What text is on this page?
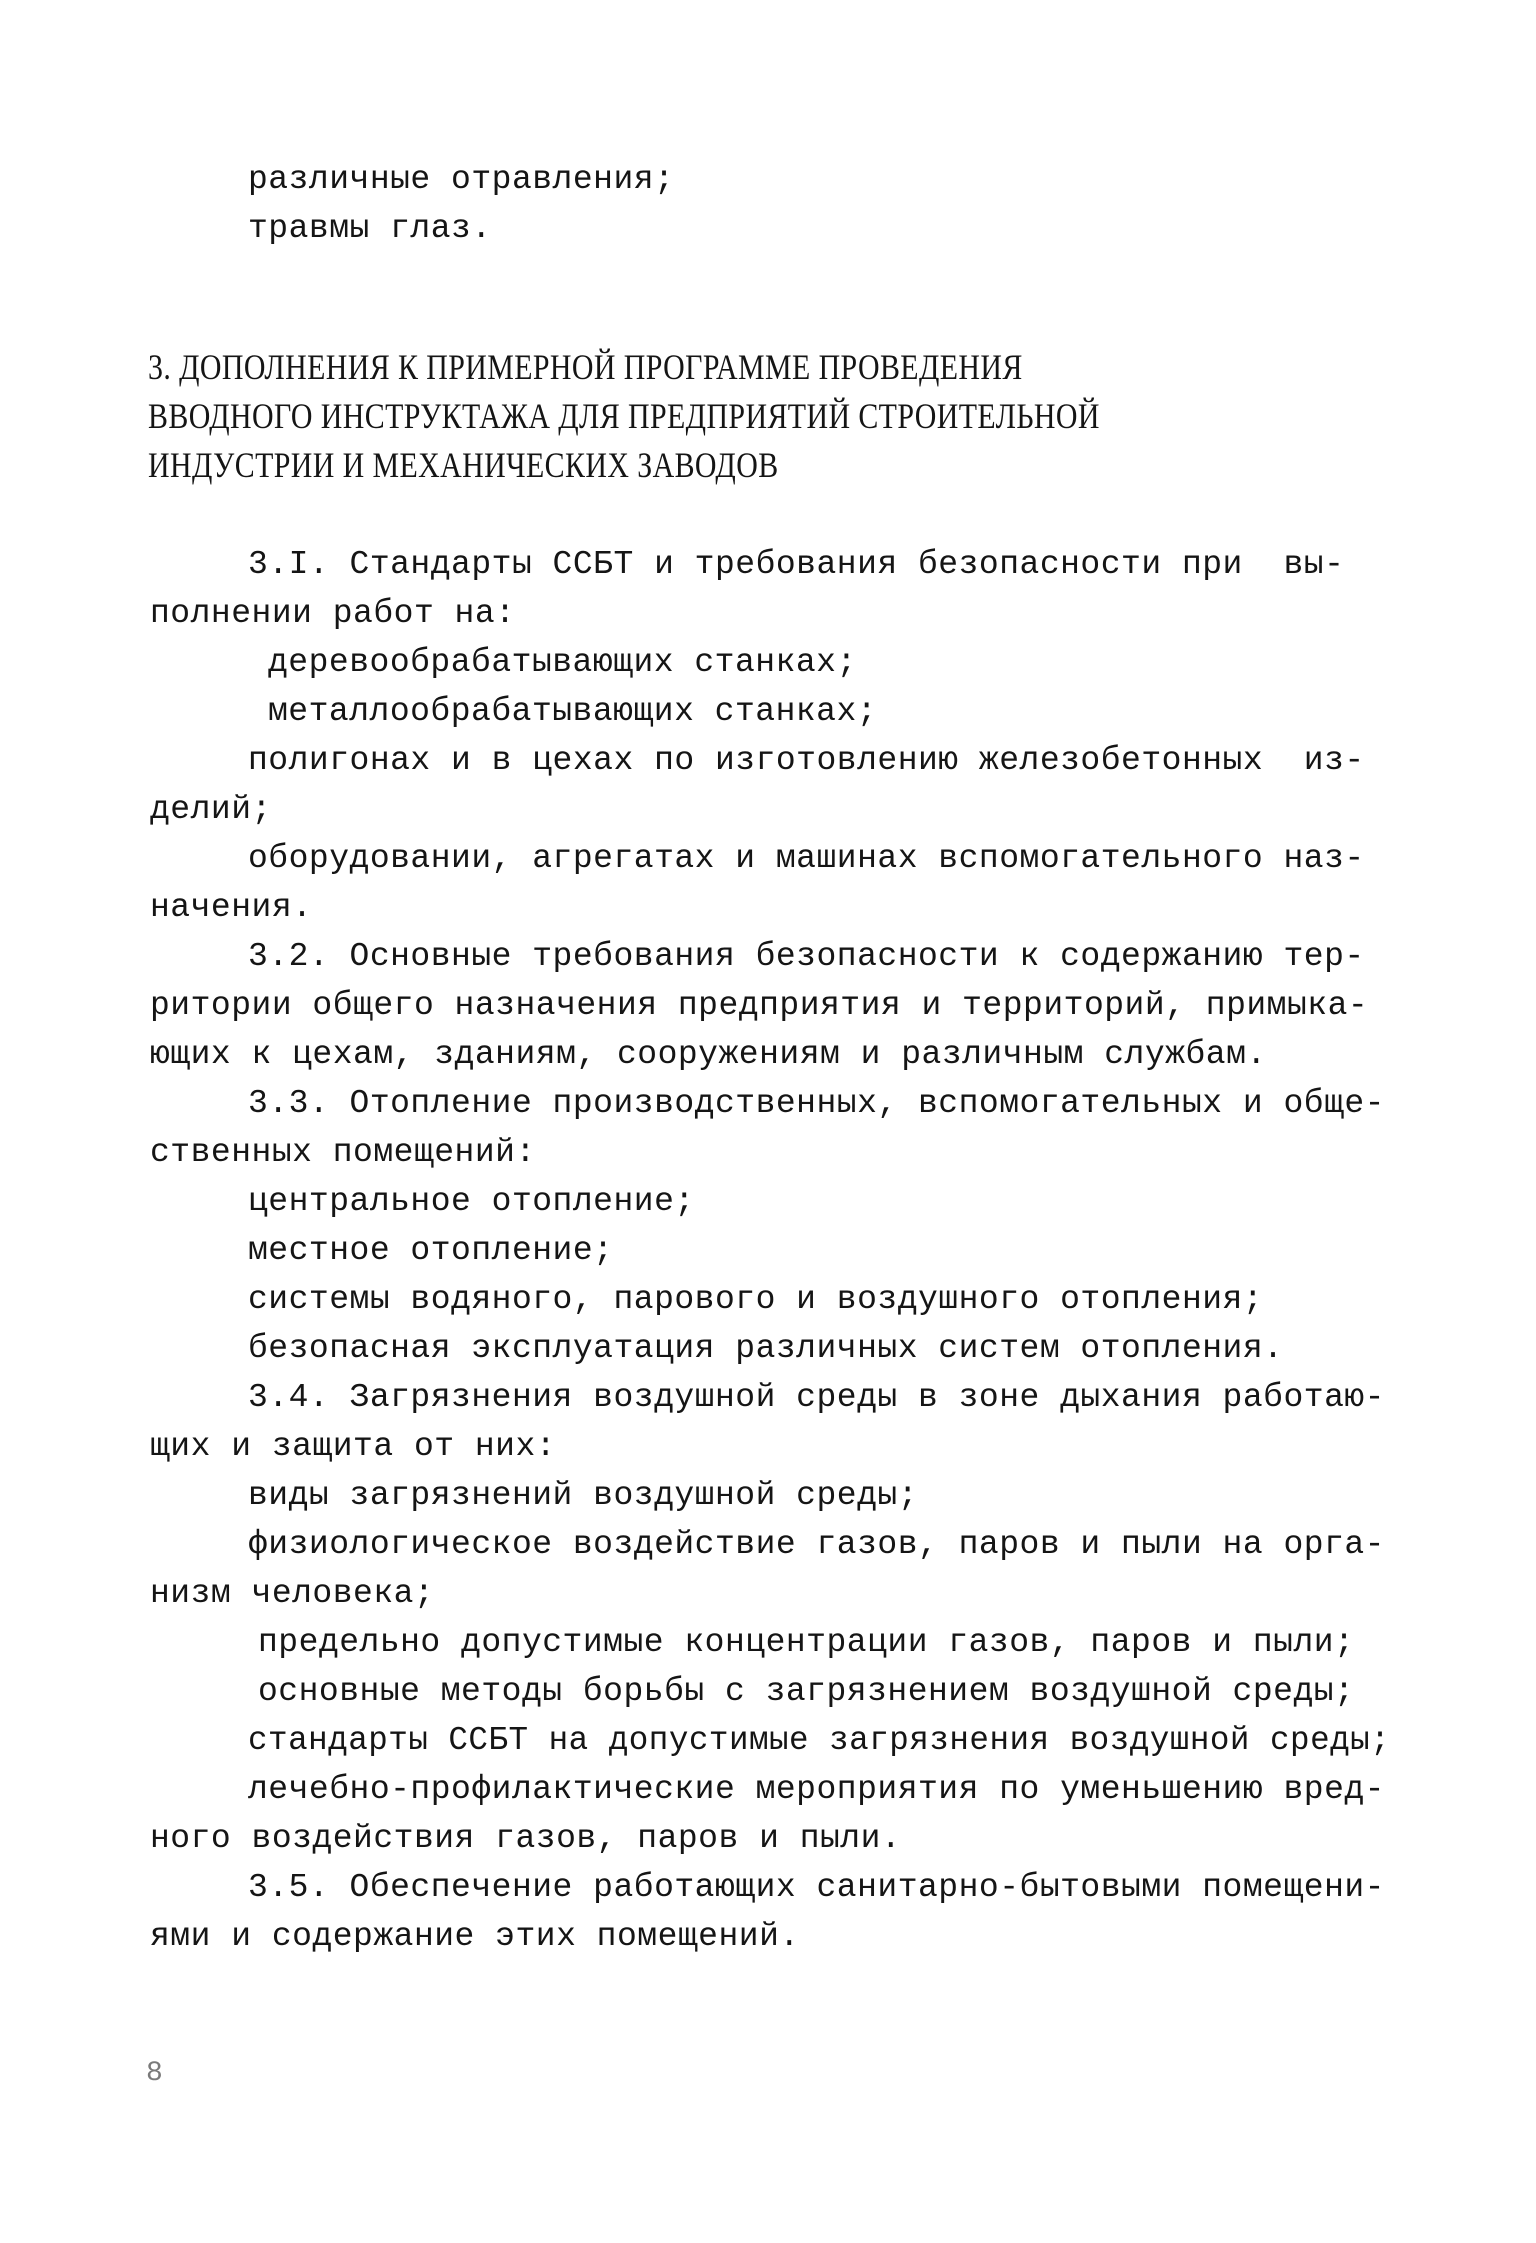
различные отравления;
травмы глаз.
3. ДОПОЛНЕНИЯ К ПРИМЕРНОЙ ПРОГРАММЕ ПРОВЕДЕНИЯ
ВВОДНОГО ИНСТРУКТАЖА ДЛЯ ПРЕДПРИЯТИЙ СТРОИТЕЛЬНОЙ
ИНДУСТРИИ И МЕХАНИЧЕСКИХ ЗАВОДОВ
3.I. Стандарты ССБТ и требования безопасности при  вы-
полнении работ на:
деревообрабатывающих станках;
металлообрабатывающих станках;
полигонах и в цехах по изготовлению железобетонных  из-
делий;
оборудовании, агрегатах и машинах вспомогательного наз-
начения.
3.2. Основные требования безопасности к содержанию тер-
ритории общего назначения предприятия и территорий, примыка-
ющих к цехам, зданиям, сооружениям и различным службам.
3.3. Отопление производственных, вспомогательных и обще-
ственных помещений:
центральное отопление;
местное отопление;
системы водяного, парового и воздушного отопления;
безопасная эксплуатация различных систем отопления.
3.4. Загрязнения воздушной среды в зоне дыхания работаю-
щих и защита от них:
виды загрязнений воздушной среды;
физиологическое воздействие газов, паров и пыли на орга-
низм человека;
предельно допустимые концентрации газов, паров и пыли;
основные методы борьбы с загрязнением воздушной среды;
стандарты ССБТ на допустимые загрязнения воздушной среды;
лечебно-профилактические мероприятия по уменьшению вред-
ного воздействия газов, паров и пыли.
3.5. Обеспечение работающих санитарно-бытовыми помещени-
ями и содержание этих помещений.
8
